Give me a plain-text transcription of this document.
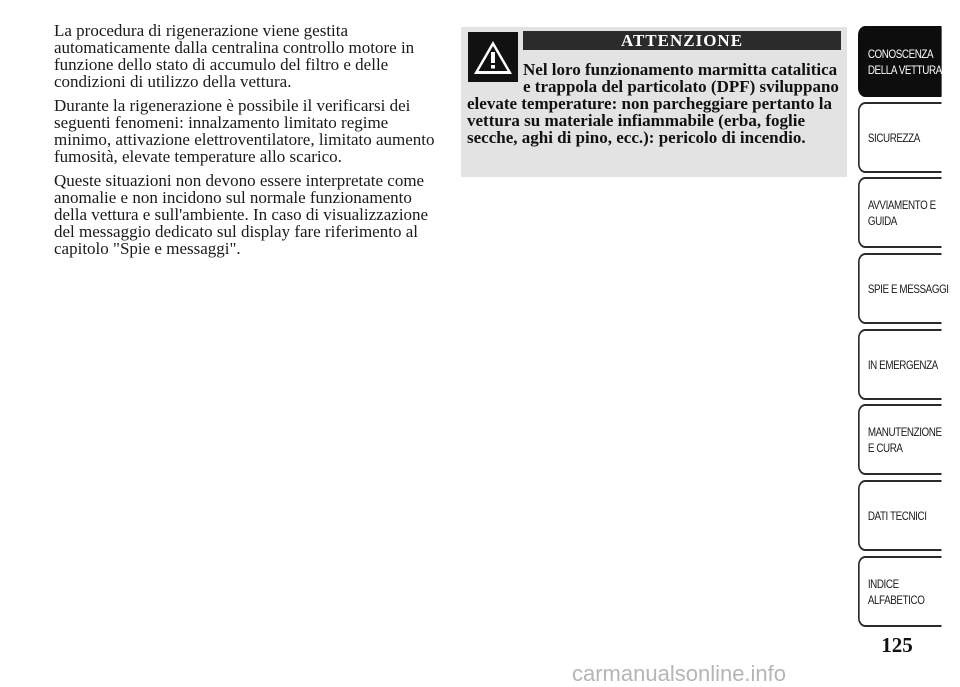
La procedura di rigenerazione viene gestita automaticamente dalla centralina controllo motore in funzione dello stato di accumulo del filtro e delle condizioni di utilizzo della vettura.

Durante la rigenerazione è possibile il verificarsi dei seguenti fenomeni: innalzamento limitato regime minimo, attivazione elettroventilatore, limitato aumento fumosità, elevate temperature allo scarico.

Queste situazioni non devono essere interpretate come anomalie e non incidono sul normale funzionamento della vettura e sull'ambiente. In caso di visualizzazione del messaggio dedicato sul display fare riferimento al capitolo "Spie e messaggi".

ATTENZIONE
Nel loro funzionamento marmitta catalitica e trappola del particolato (DPF) sviluppano elevate temperature: non parcheggiare pertanto la vettura su materiale infiammabile (erba, foglie secche, aghi di pino, ecc.): pericolo di incendio.
CONOSCENZA DELLA VETTURA
SICUREZZA
AVVIAMENTO E GUIDA
SPIE E MESSAGGI
IN EMERGENZA
MANUTENZIONE E CURA
DATI TECNICI
INDICE ALFABETICO
125
carmanualsonline.info
